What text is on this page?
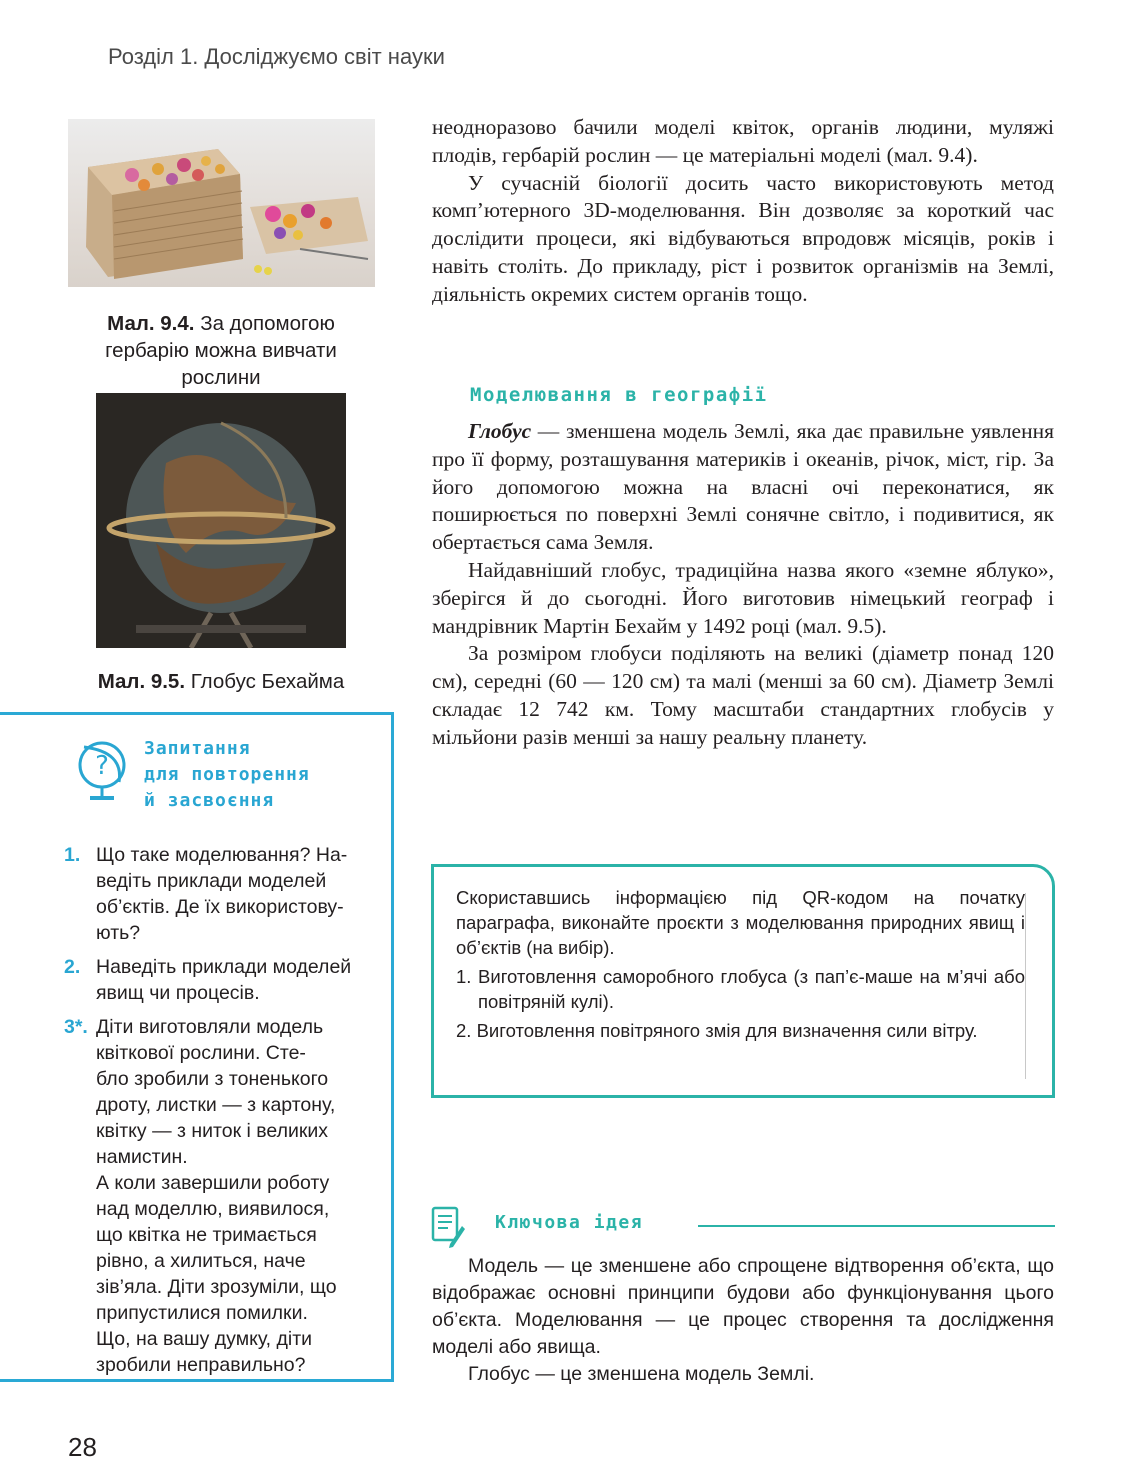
Розділ 1. Досліджуємо світ науки
Мал. 9.4. За допомогою
гербарію можна вивчати
рослини
Мал. 9.5. Глобус Бехайма
?
Запитання
для повторення
й засвоєння
1. Що таке моделювання? На-
ведіть приклади моделей
об’єктів. Де їх використову-
ють?
2. Наведіть приклади моделей
явищ чи процесів.
3*. Діти виготовляли модель
квіткової рослини. Сте-
бло зробили з тоненького
дроту, листки — з картону,
квітку — з ниток і великих
намистин.
А коли завершили роботу
над моделлю, виявилося,
що квітка не тримається
рівно, а хилиться, наче
зів’яла. Діти зрозуміли, що
припустилися помилки.
Що, на вашу думку, діти
зробили неправильно?

неодноразово бачили моделі квіток, органів людини, муляжі плодів, гербарій рослин — це матеріальні моделі (мал. 9.4).

У сучасній біології досить часто використовують метод комп’ютерного 3D-моделювання. Він дозволяє за короткий час дослідити процеси, які відбуваються впродовж місяців, років і навіть століть. До прикладу, ріст і розвиток організмів на Землі, діяльність окремих систем органів тощо.

Моделювання в географії

Глобус — зменшена модель Землі, яка дає правильне уявлення про її форму, розташування материків і океанів, річок, міст, гір. За його допомогою можна на власні очі переконатися, як поширюється по поверхні Землі сонячне світло, і подивитися, як обертається сама Земля.

Найдавніший глобус, традиційна назва якого «земне яблуко», зберігся й до сьогодні. Його виготовив німецький географ і мандрівник Мартін Бехайм у 1492 році (мал. 9.5).

За розміром глобуси поділяють на великі (діаметр понад 120 см), середні (60 — 120 см) та малі (менші за 60 см). Діаметр Землі складає 12 742 км. Тому масштаби стандартних глобусів у мільйони разів менші за нашу реальну планету.

Скориставшись інформацією під QR-кодом на початку параграфа, виконайте проєкти з моделювання природних явищ і об’єктів (на вибір).

1. Виготовлення саморобного глобуса (з пап’є-маше на м’ячі або повітряній кулі).

2. Виготовлення повітряного змія для визначення сили вітру.

Ключова ідея

Модель — це зменшене або спрощене відтворення об’єкта, що відображає основні принципи будови або функціонування цього об’єкта. Моделювання — це процес створення та дослідження моделі або явища.

Глобус — це зменшена модель Землі.

28
